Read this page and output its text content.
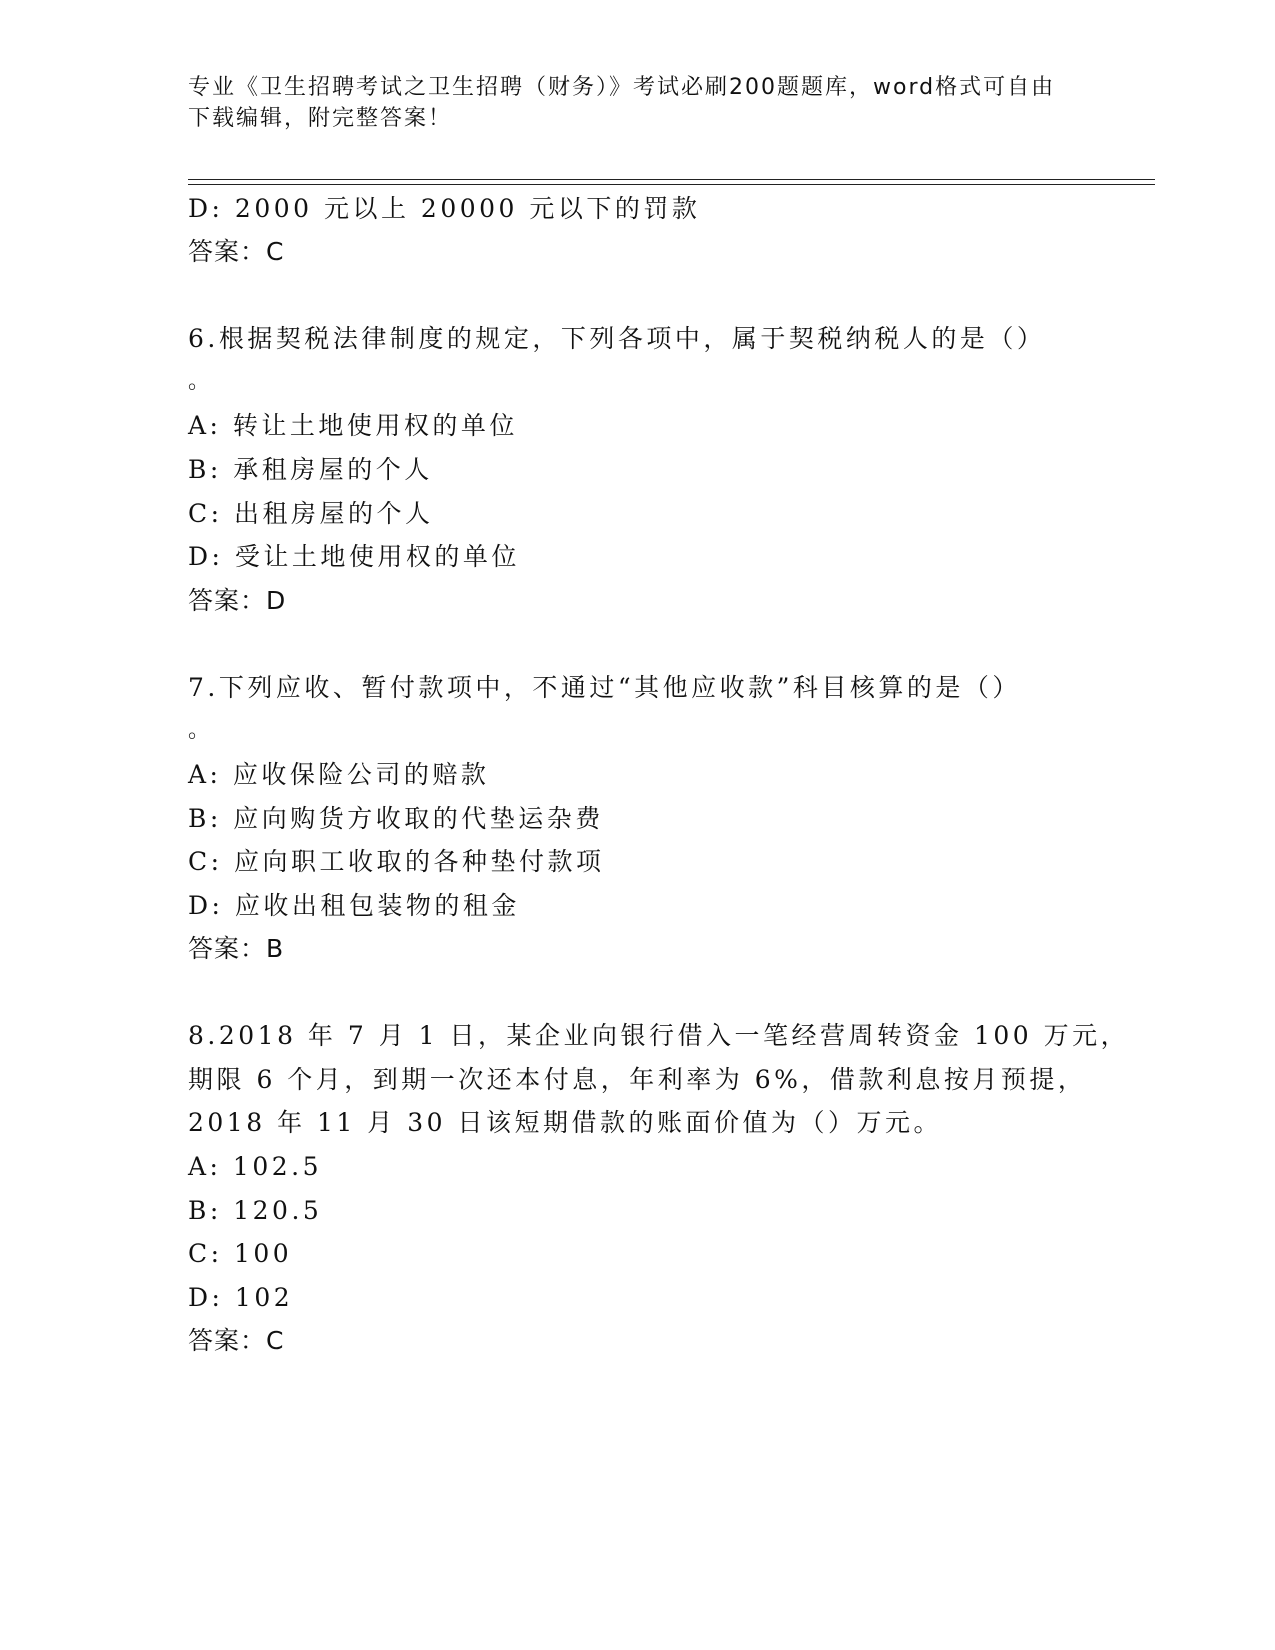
专业《卫生招聘考试之卫生招聘（财务）》考试必刷200题题库，word格式可自由下载编辑，附完整答案！
D: 2000 元以上 20000 元以下的罚款
答案：C
6.根据契税法律制度的规定，下列各项中，属于契税纳税人的是（）
。
A: 转让土地使用权的单位
B: 承租房屋的个人
C: 出租房屋的个人
D: 受让土地使用权的单位
答案：D
7.下列应收、暂付款项中，不通过“其他应收款”科目核算的是（）
。
A: 应收保险公司的赔款
B: 应向购货方收取的代垫运杂费
C: 应向职工收取的各种垫付款项
D: 应收出租包装物的租金
答案：B
8.2018 年 7 月 1 日，某企业向银行借入一笔经营周转资金 100 万元，
期限 6 个月，到期一次还本付息，年利率为 6%，借款利息按月预提，
2018 年 11 月 30 日该短期借款的账面价值为（）万元。
A: 102.5
B: 120.5
C: 100
D: 102
答案：C
